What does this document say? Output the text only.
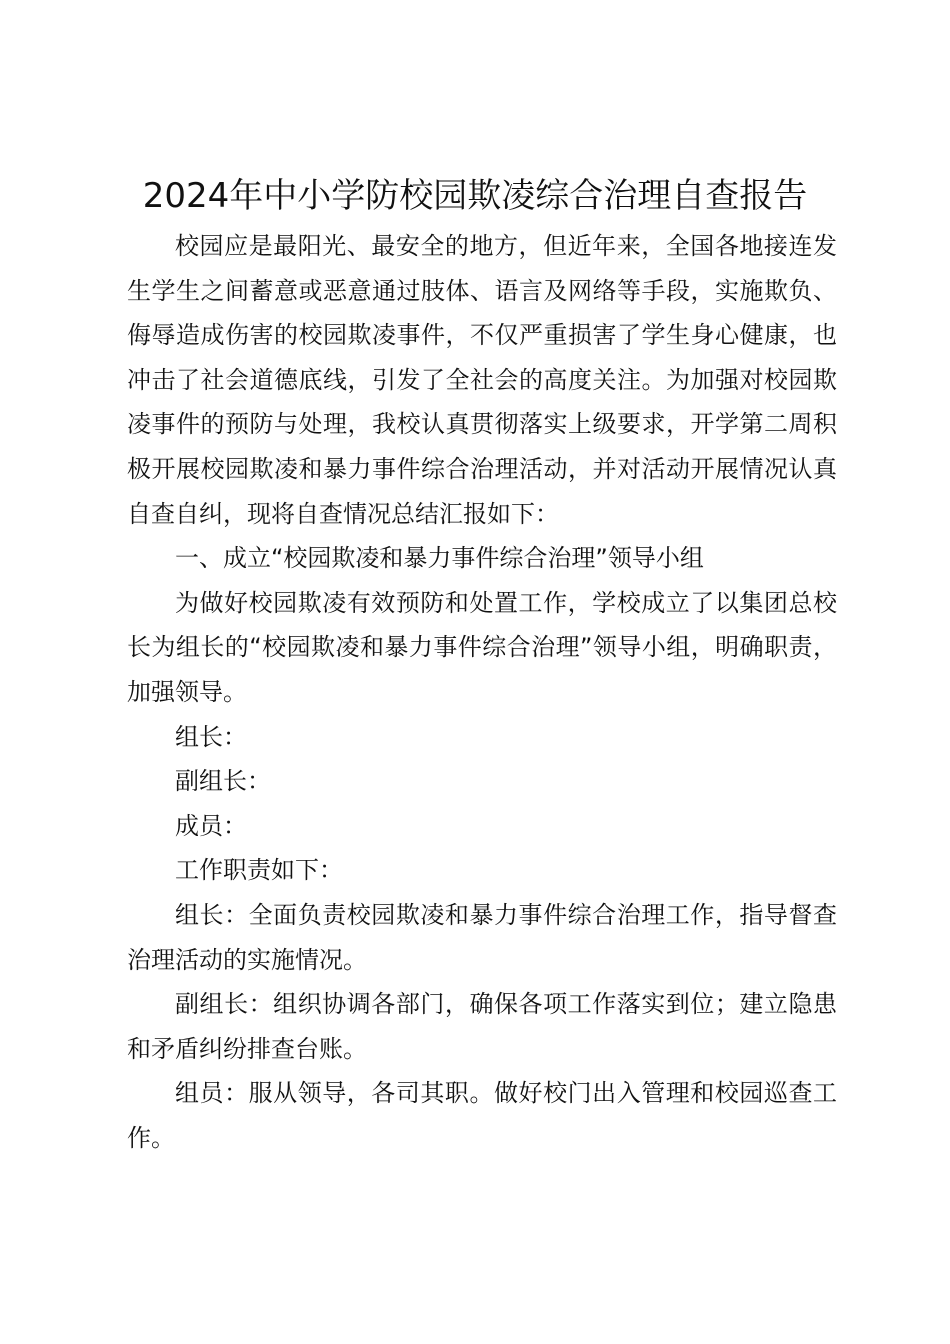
2024年中小学防校园欺凌综合治理自查报告

校园应是最阳光、最安全的地方，但近年来，全国各地接连发生学生之间蓄意或恶意通过肢体、语言及网络等手段，实施欺负、侮辱造成伤害的校园欺凌事件，不仅严重损害了学生身心健康，也冲击了社会道德底线，引发了全社会的高度关注。为加强对校园欺凌事件的预防与处理，我校认真贯彻落实上级要求，开学第二周积极开展校园欺凌和暴力事件综合治理活动，并对活动开展情况认真自查自纠，现将自查情况总结汇报如下：

一、成立“校园欺凌和暴力事件综合治理”领导小组

为做好校园欺凌有效预防和处置工作，学校成立了以集团总校长为组长的“校园欺凌和暴力事件综合治理”领导小组，明确职责，加强领导。

组长：

副组长：

成员：

工作职责如下：

组长：全面负责校园欺凌和暴力事件综合治理工作，指导督查治理活动的实施情况。

副组长：组织协调各部门，确保各项工作落实到位；建立隐患和矛盾纠纷排查台账。

组员：服从领导，各司其职。做好校门出入管理和校园巡查工作。
